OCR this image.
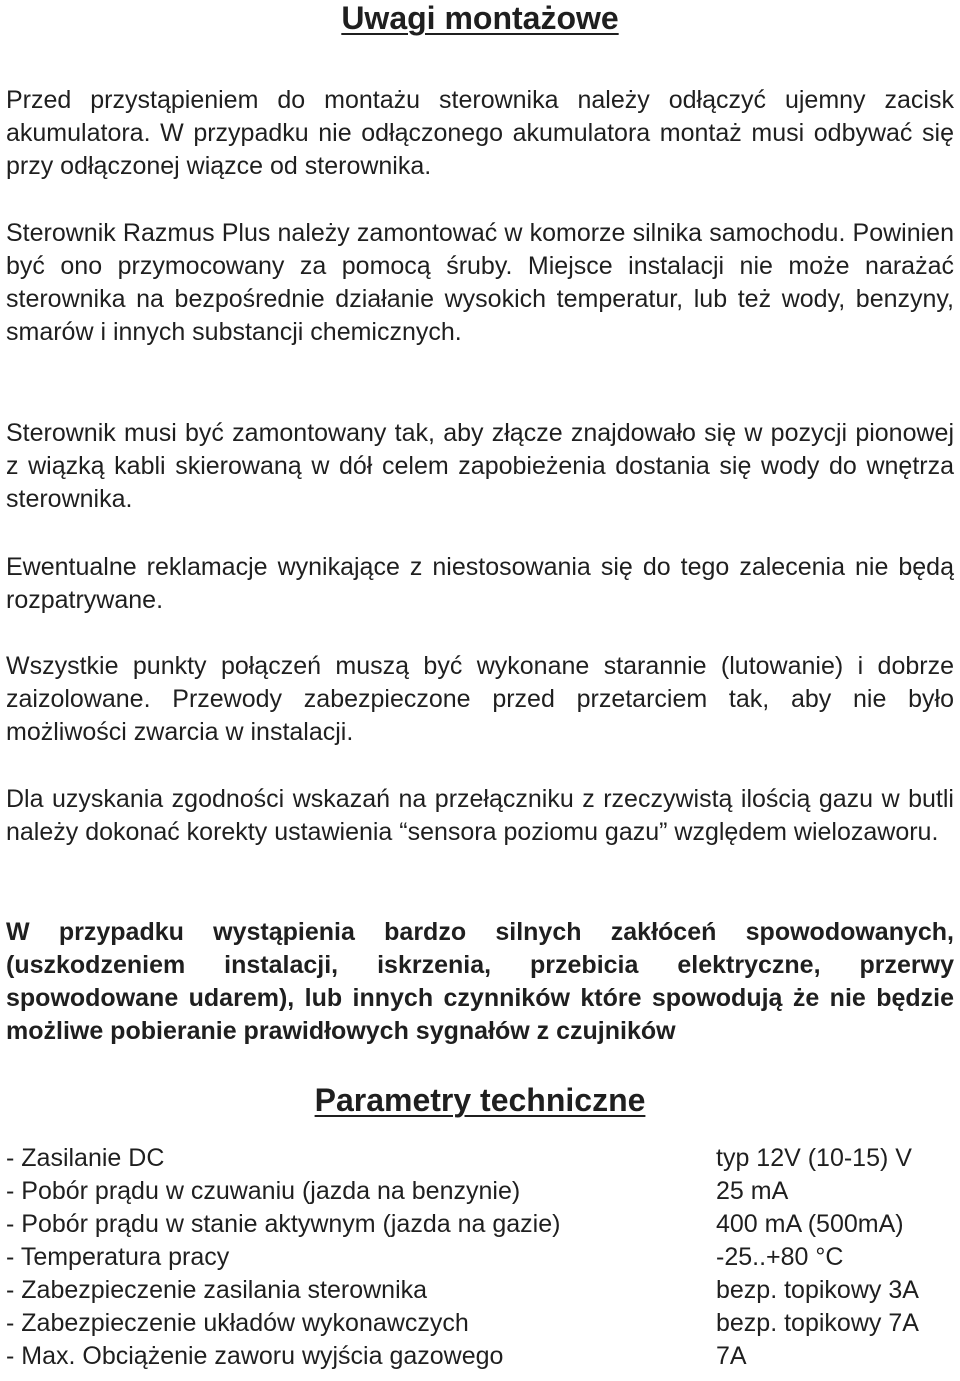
Uwagi montażowe

Przed przystąpieniem do montażu sterownika należy odłączyć ujemny zacisk akumulatora. W przypadku nie odłączonego akumulatora montaż musi odbywać się przy odłączonej wiązce od sterownika.

Sterownik Razmus Plus należy zamontować w komorze silnika samochodu. Powinien być ono przymocowany za pomocą śruby. Miejsce instalacji nie może narażać sterownika na bezpośrednie działanie wysokich temperatur, lub też wody, benzyny, smarów i innych substancji chemicznych.

Sterownik musi być zamontowany tak, aby złącze znajdowało się w pozycji pionowej z wiązką kabli skierowaną w dół celem zapobieżenia dostania się wody do wnętrza sterownika.

Ewentualne reklamacje wynikające z niestosowania się do tego zalecenia nie będą rozpatrywane.

Wszystkie punkty połączeń muszą być wykonane starannie (lutowanie) i dobrze zaizolowane. Przewody zabezpieczone przed przetarciem tak, aby nie było możliwości zwarcia w instalacji.

Dla uzyskania zgodności wskazań na przełączniku z rzeczywistą ilością gazu w butli należy dokonać korekty ustawienia “sensora poziomu gazu” względem wielozaworu.

W przypadku wystąpienia bardzo silnych zakłóceń spowodowanych, (uszkodzeniem instalacji, iskrzenia, przebicia elektryczne, przerwy spowodowane udarem), lub innych czynników które spowodują że nie będzie możliwe pobieranie prawidłowych sygnałów z czujników

Parametry techniczne
- Zasilanie DC	typ 12V (10-15) V
- Pobór prądu w czuwaniu (jazda na benzynie)	25 mA
- Pobór prądu w stanie aktywnym (jazda na gazie)	400 mA (500mA)
- Temperatura pracy	-25..+80 °C
- Zabezpieczenie zasilania sterownika	bezp. topikowy 3A
- Zabezpieczenie układów wykonawczych	bezp. topikowy 7A
- Max. Obciążenie zaworu wyjścia gazowego	7A
